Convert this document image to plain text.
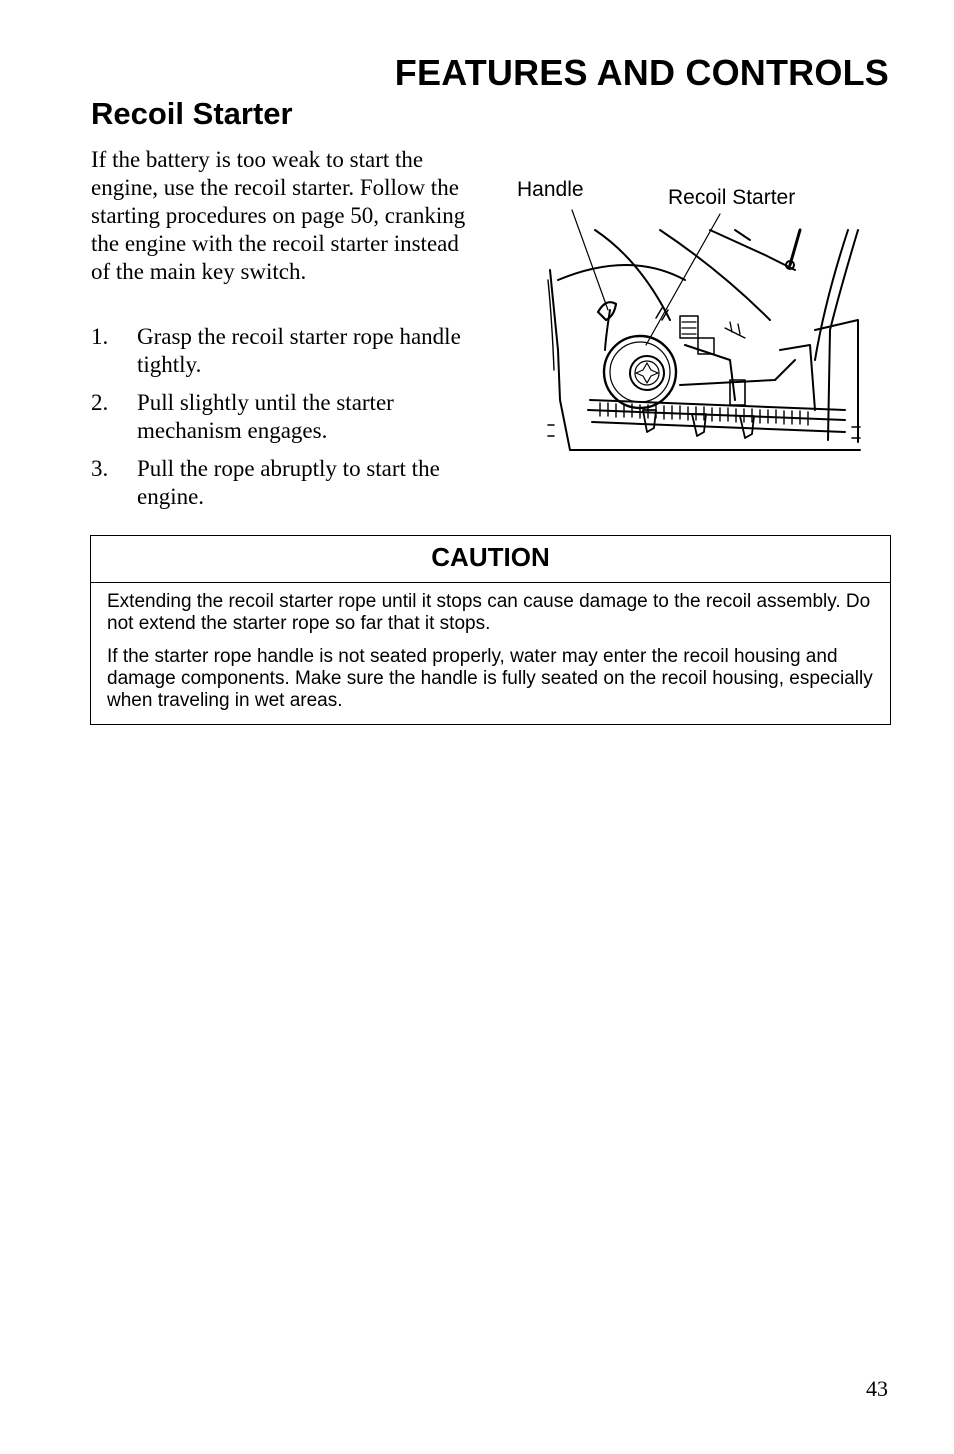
FEATURES AND CONTROLS
Recoil Starter

If the battery is too weak to start the engine, use the recoil starter. Follow the starting procedures on page 50, cranking the engine with the recoil starter instead of the main key switch.

1. Grasp the recoil starter rope handle tightly.
2. Pull slightly until the starter mechanism engages.
3. Pull the rope abruptly to start the engine.
Handle	Recoil Starter
CAUTION

Extending the recoil starter rope until it stops can cause damage to the recoil assembly. Do not extend the starter rope so far that it stops.

If the starter rope handle is not seated properly, water may enter the recoil housing and damage components. Make sure the handle is fully seated on the recoil housing, especially when traveling in wet areas.

43
